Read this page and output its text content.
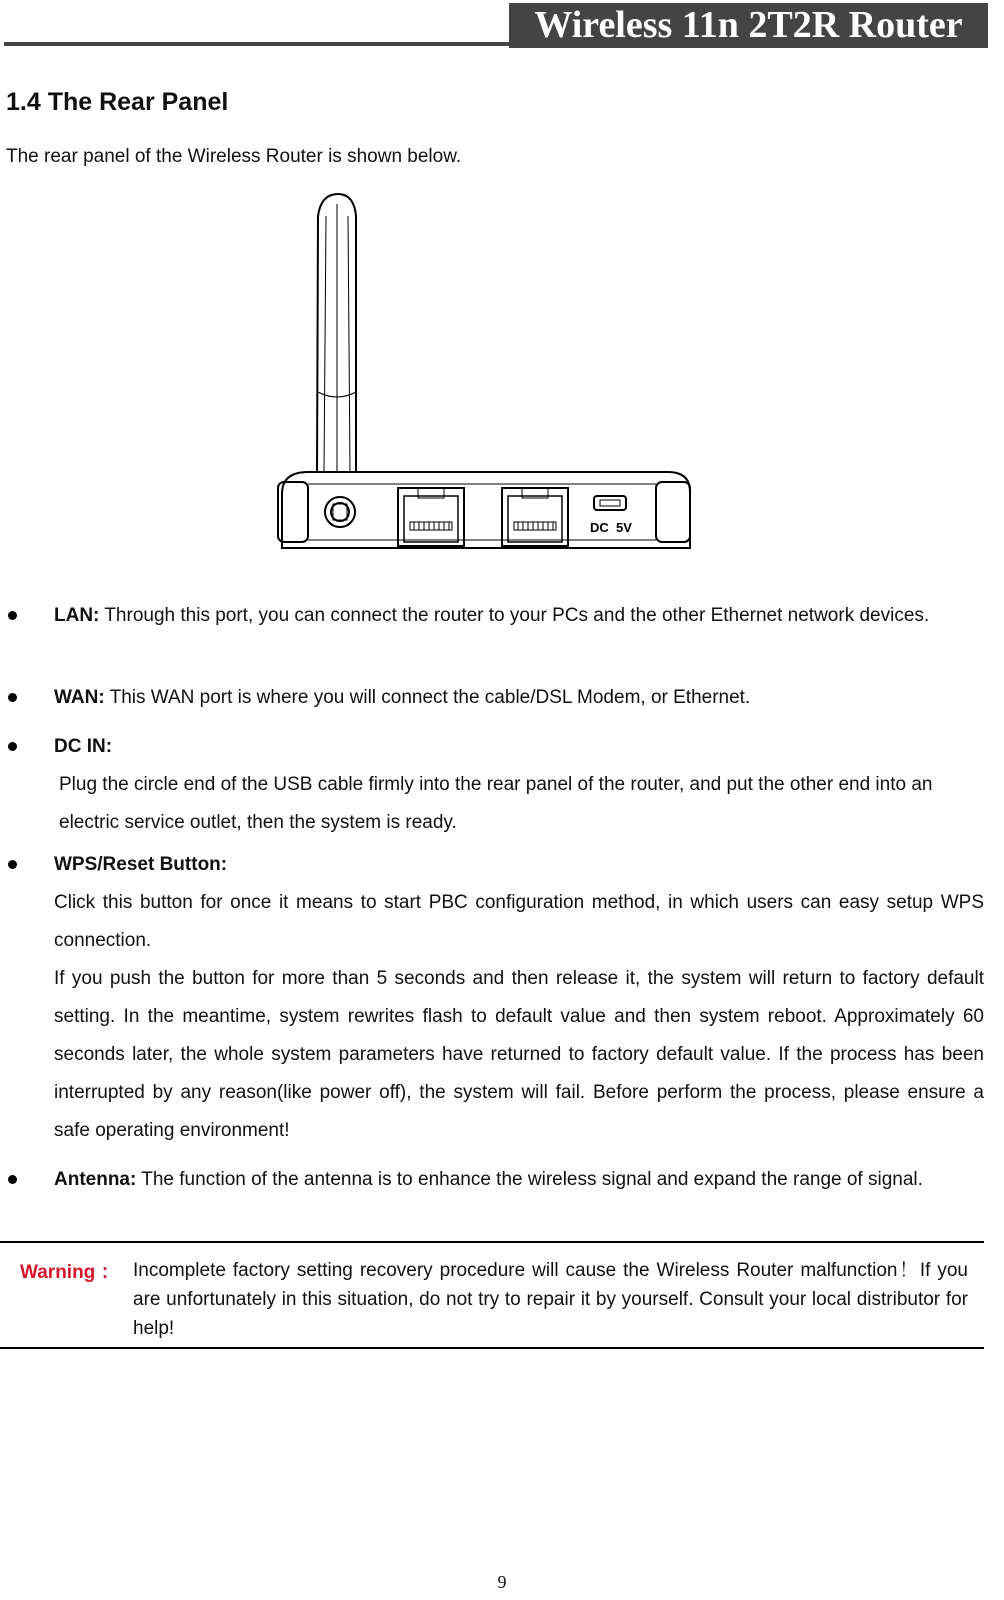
Wireless 11n 2T2R Router
1.4 The Rear Panel
The rear panel of the Wireless Router is shown below.
DC  5V
LAN: Through this port, you can connect the router to your PCs and the other Ethernet network devices.
WAN: This WAN port is where you will connect the cable/DSL Modem, or Ethernet.
DC IN:
Plug the circle end of the USB cable firmly into the rear panel of the router, and put the other end into an electric service outlet, then the system is ready.
WPS/Reset Button:
Click this button for once it means to start PBC configuration method, in which users can easy setup WPS connection.
If you push the button for more than 5 seconds and then release it, the system will return to factory default setting. In the meantime, system rewrites flash to default value and then system reboot. Approximately 60 seconds later, the whole system parameters have returned to factory default value. If the process has been interrupted by any reason(like power off), the system will fail. Before perform the process, please ensure a safe operating environment!
Antenna: The function of the antenna is to enhance the wireless signal and expand the range of signal.
Warning ： Incomplete factory setting recovery procedure will cause the Wireless Router malfunction！If you are unfortunately in this situation, do not try to repair it by yourself. Consult your local distributor for help!
9
